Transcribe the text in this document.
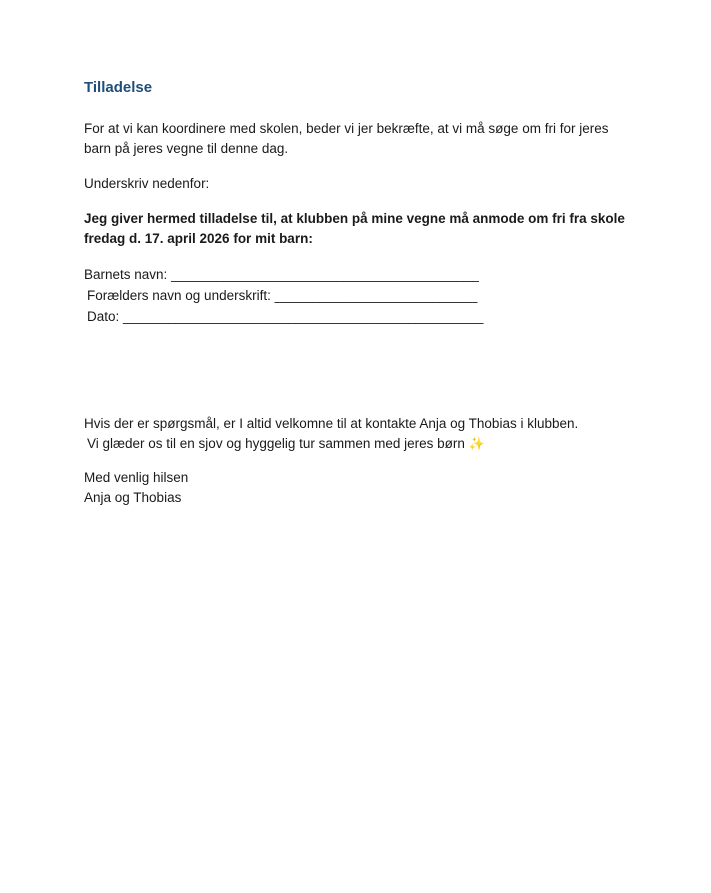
Tilladelse

For at vi kan koordinere med skolen, beder vi jer bekræfte, at vi må søge om fri for jeres barn på jeres vegne til denne dag.

Underskriv nedenfor:

Jeg giver hermed tilladelse til, at klubben på mine vegne må anmode om fri fra skole fredag d. 17. april 2026 for mit barn:

Barnets navn: _________________________________________

Forælders navn og underskrift: ___________________________

Dato: ________________________________________________

Hvis der er spørgsmål, er I altid velkomne til at kontakte Anja og Thobias i klubben.

Vi glæder os til en sjov og hyggelig tur sammen med jeres børn ✨

Med venlig hilsen

Anja og Thobias
